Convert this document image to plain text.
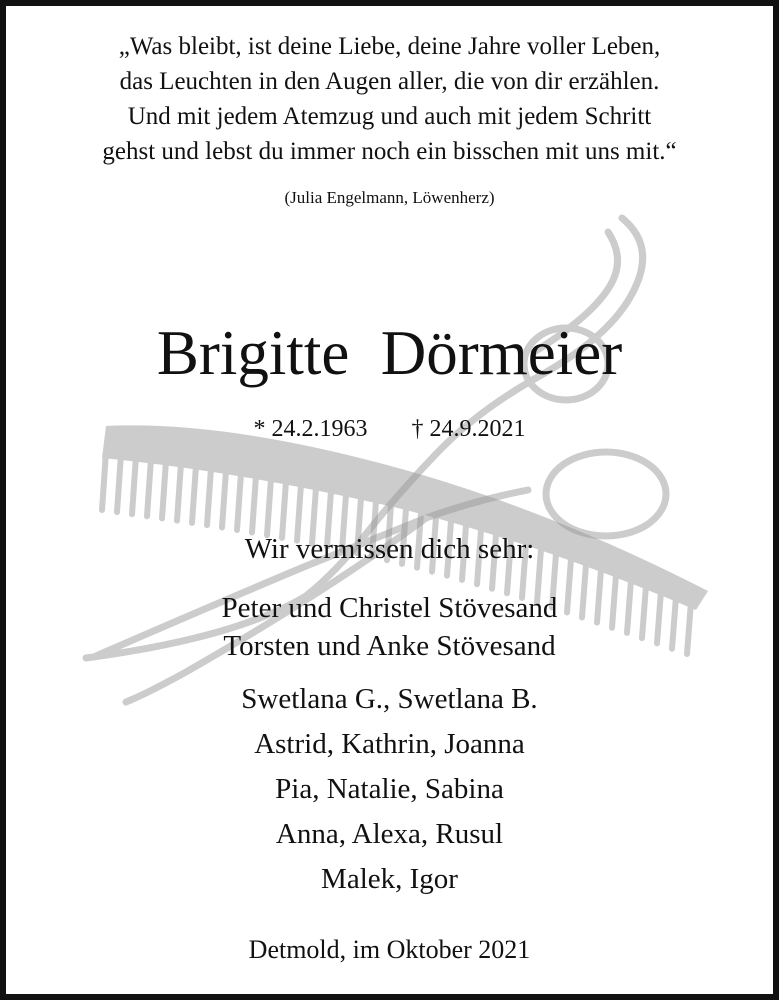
„Was bleibt, ist deine Liebe, deine Jahre voller Leben,
das Leuchten in den Augen aller, die von dir erzählen.
Und mit jedem Atemzug und auch mit jedem Schritt
gehst und lebst du immer noch ein bisschen mit uns mit.“
(Julia Engelmann, Löwenherz)
Brigitte  Dörmeier
* 24.2.1963 † 24.9.2021
Wir vermissen dich sehr:
Peter und Christel Stövesand
Torsten und Anke Stövesand
Swetlana G., Swetlana B.
Astrid, Kathrin, Joanna
Pia, Natalie, Sabina
Anna, Alexa, Rusul
Malek, Igor
Detmold, im Oktober 2021
